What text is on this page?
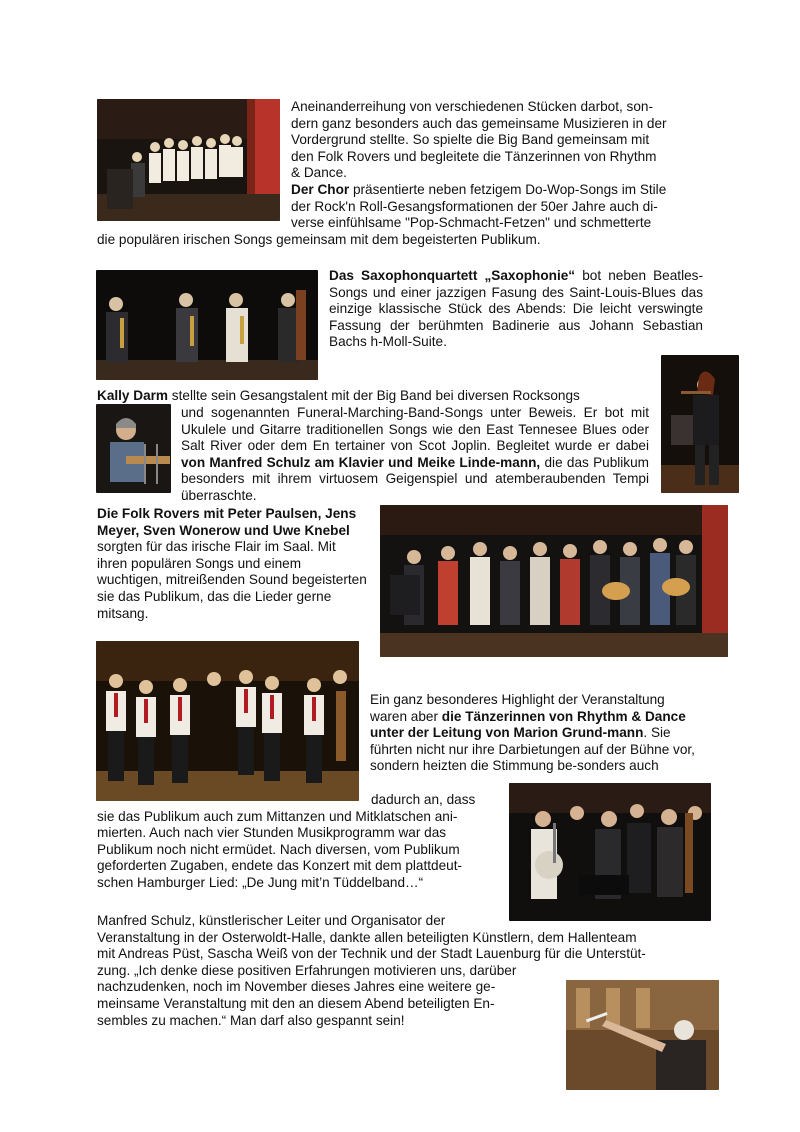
Aneinanderreihung von verschiedenen Stücken darbot, son-
dern ganz besonders auch das gemeinsame Musizieren in der
Vordergrund stellte. So spielte die Big Band gemeinsam mit
den Folk Rovers und begleitete die Tänzerinnen von Rhythm
& Dance.
Der Chor präsentierte neben fetzigem Do-Wop-Songs im Stile
der Rock'n Roll-Gesangsformationen der 50er Jahre auch di-
verse einfühlsame "Pop-Schmacht-Fetzen" und schmetterte
die populären irischen Songs gemeinsam mit dem begeisterten Publikum.

Das Saxophonquartett „Saxophonie“ bot neben Beatles-Songs und einer jazzigen Fasung des Saint-Louis-Blues das einzige klassische Stück des Abends: Die leicht verswingte Fassung der berühmten Badinerie aus Johann Sebastian Bachs h-Moll-Suite.

Kally Darm stellte sein Gesangstalent mit der Big Band bei diversen Rocksongs

und sogenannten Funeral-Marching-Band-Songs unter Beweis. Er bot mit Ukulele und Gitarre traditionellen Songs wie den East Tennesee Blues oder Salt River oder dem En tertainer von Scot Joplin. Begleitet wurde er dabei von Manfred Schulz am Klavier und Meike Linde-mann, die das Publikum besonders mit ihrem virtuosem Geigenspiel und atemberaubenden Tempi überraschte.

Die Folk Rovers mit Peter Paulsen, Jens Meyer, Sven Wonerow und Uwe Knebel sorgten für das irische Flair im Saal. Mit ihren populären Songs und einem wuchtigen, mitreißenden Sound begeisterten sie das Publikum, das die Lieder gerne mitsang.

Ein ganz besonderes Highlight der Veranstaltung waren aber die Tänzerinnen von Rhythm & Dance unter der Leitung von Marion Grund-mann. Sie führten nicht nur ihre Darbietungen auf der Bühne vor, sondern heizten die Stimmung be-sonders auch

dadurch an, dass
sie das Publikum auch zum Mittanzen und Mitklatschen ani-
mierten. Auch nach vier Stunden Musikprogramm war das
Publikum noch nicht ermüdet. Nach diversen, vom Publikum
geforderten Zugaben, endete das Konzert mit dem plattdeut-
schen Hamburger Lied: „De Jung mit’n Tüddelband…“
Manfred Schulz, künstlerischer Leiter und Organisator der
Veranstaltung in der Osterwoldt-Halle, dankte allen beteiligten Künstlern, dem Hallenteam
mit Andreas Püst, Sascha Weiß von der Technik und der Stadt Lauenburg für die Unterstüt-
zung. „Ich denke diese positiven Erfahrungen motivieren uns, darüber
nachzudenken, noch im November dieses Jahres eine weitere ge-
meinsame Veranstaltung mit den an diesem Abend beteiligten En-
sembles zu machen.“ Man darf also gespannt sein!
